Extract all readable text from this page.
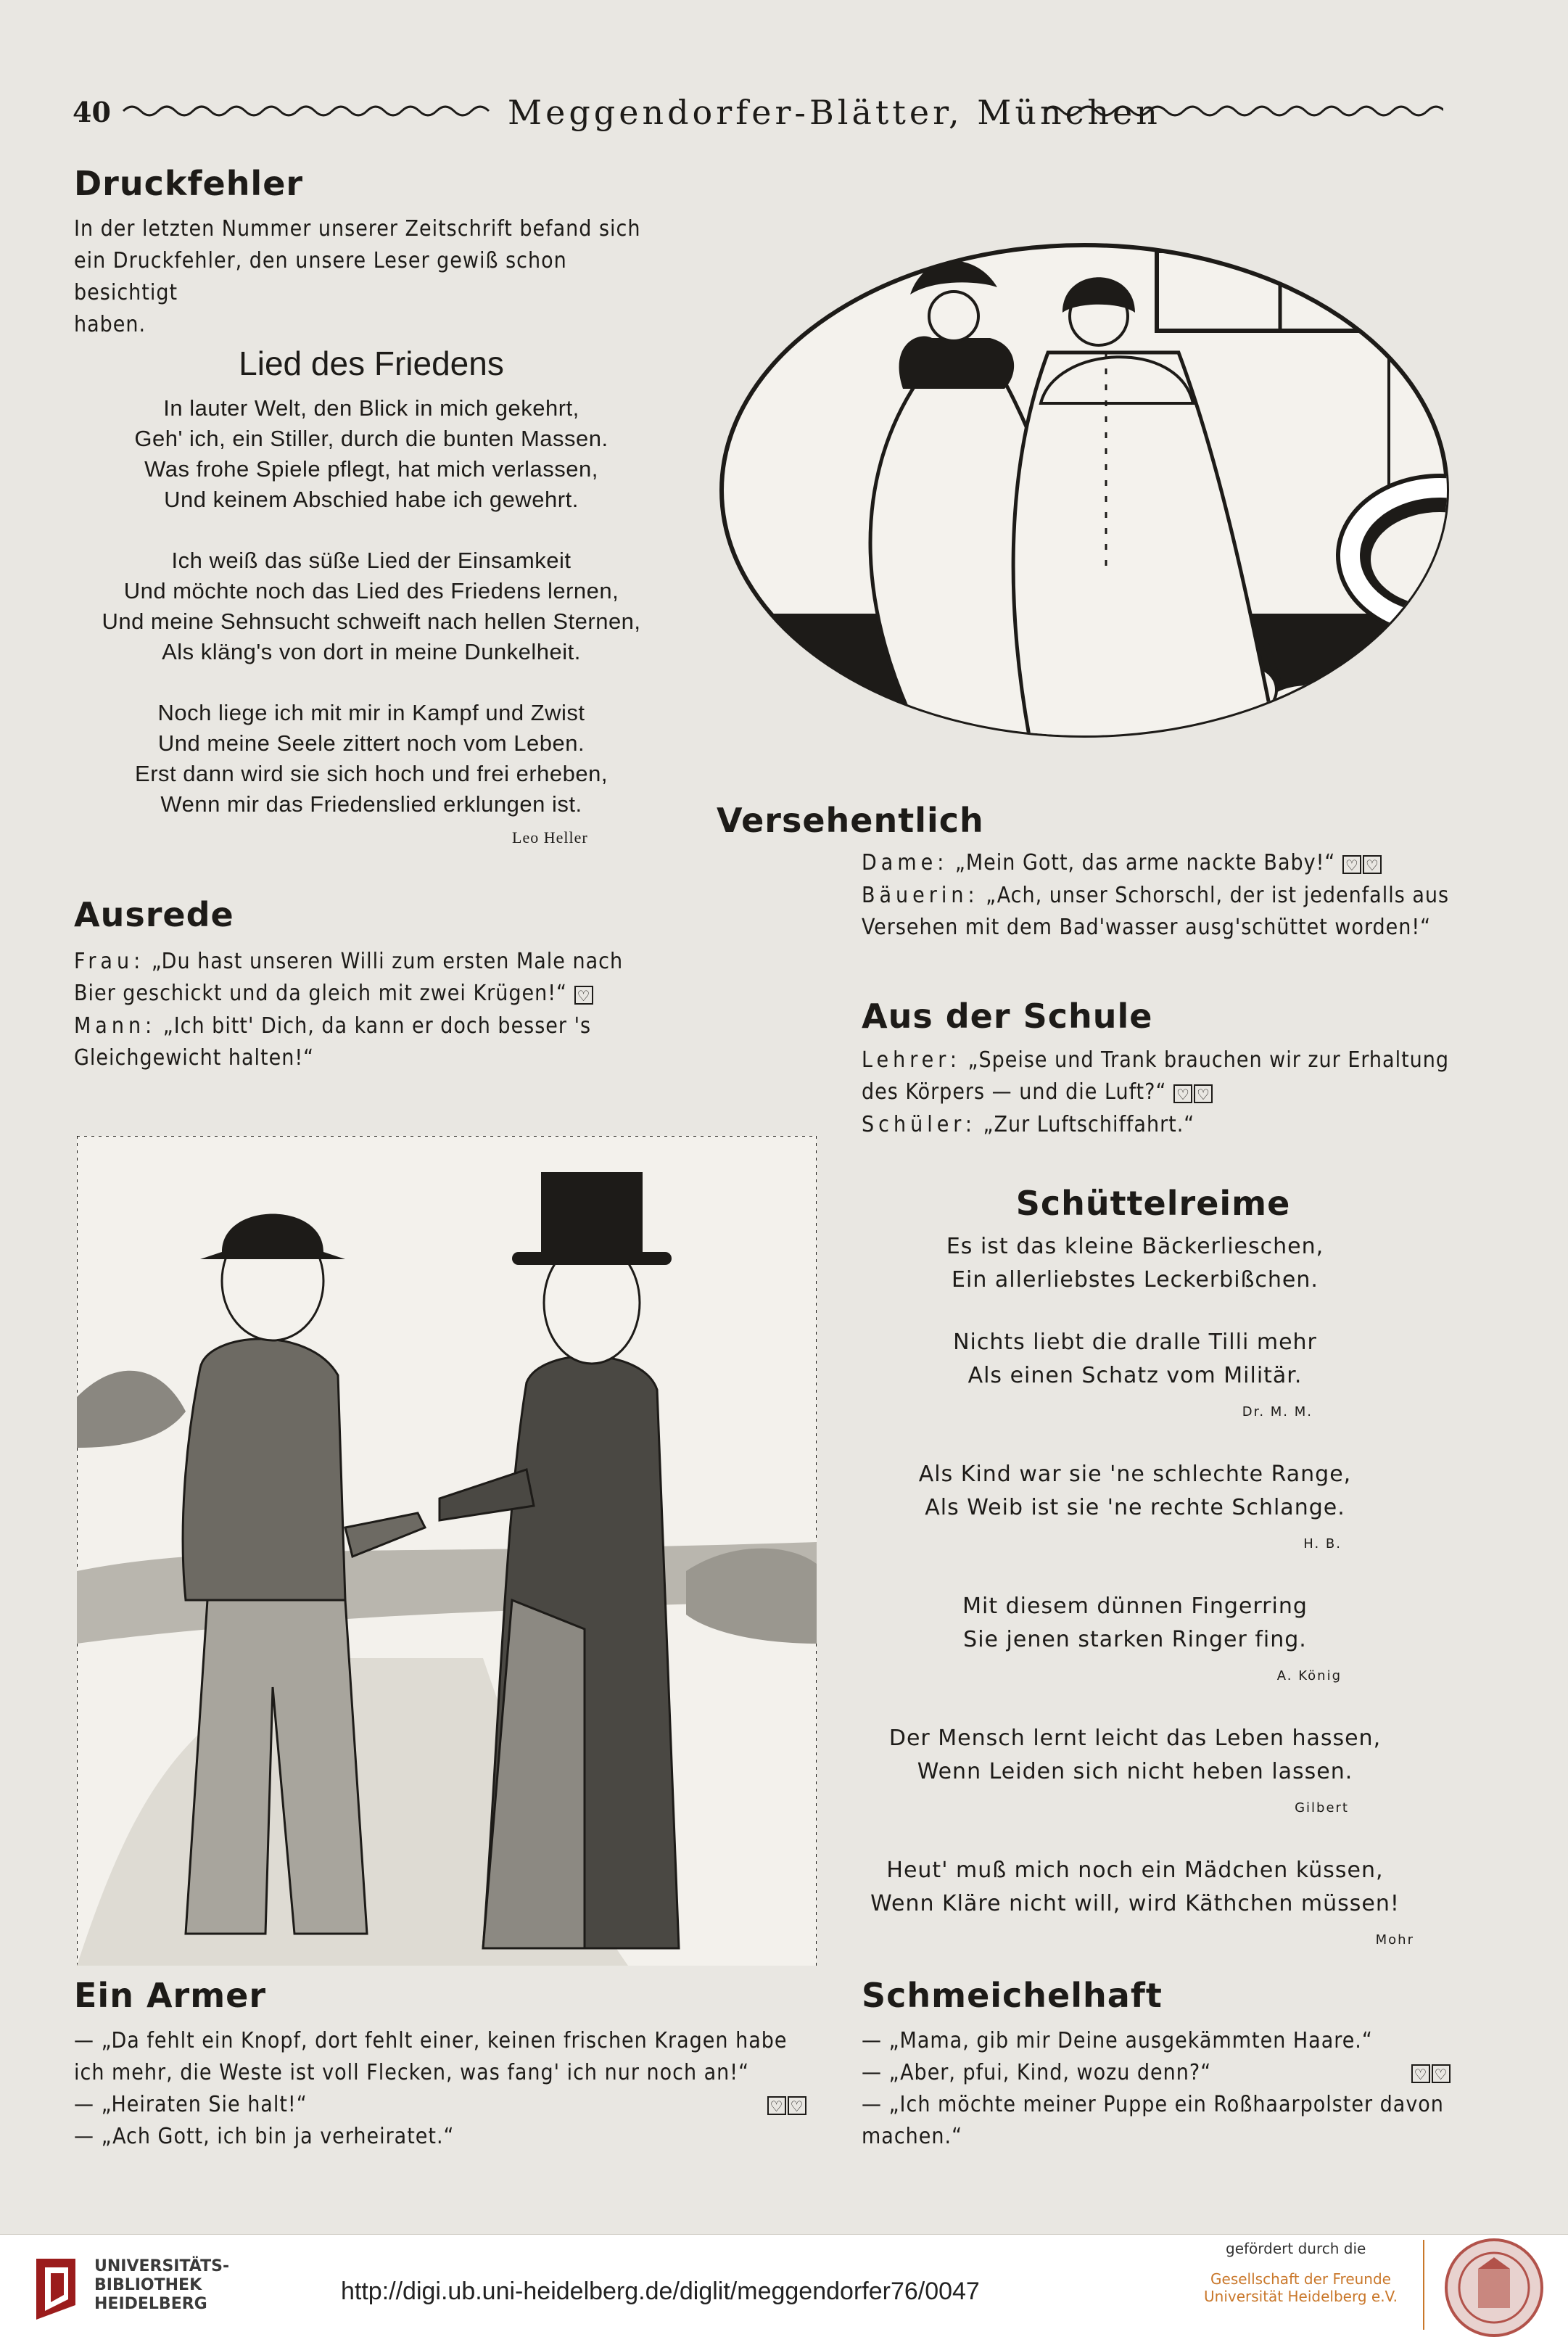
40	Meggendorfer-Blätter, München
Druckfehler
In der letzten Nummer unserer Zeitschrift befand sich
ein Druckfehler, den unsere Leser gewiß schon besichtigt
haben.
Lied des Friedens
In lauter Welt, den Blick in mich gekehrt,
Geh' ich, ein Stiller, durch die bunten Massen.
Was frohe Spiele pflegt, hat mich verlassen,
Und keinem Abschied habe ich gewehrt.
Ich weiß das süße Lied der Einsamkeit
Und möchte noch das Lied des Friedens lernen,
Und meine Sehnsucht schweift nach hellen Sternen,
Als kläng's von dort in meine Dunkelheit.
Noch liege ich mit mir in Kampf und Zwist
Und meine Seele zittert noch vom Leben.
Erst dann wird sie sich hoch und frei erheben,
Wenn mir das Friedenslied erklungen ist.
Leo Heller
Ausrede

Frau: „Du hast unseren Willi zum ersten Male nach Bier geschickt und da gleich mit zwei Krügen!“ ♡

Mann: „Ich bitt' Dich, da kann er doch besser 's Gleichgewicht halten!“

Versehentlich

Dame: „Mein Gott, das arme nackte Baby!“ ♡ ♡

Bäuerin: „Ach, unser Schorschl, der ist jedenfalls aus Versehen mit dem Bad'wasser ausg'schüttet worden!“

Aus der Schule

Lehrer: „Speise und Trank brauchen wir zur Erhaltung des Körpers — und die Luft?“ ♡ ♡

Schüler: „Zur Luftschiffahrt.“

Schüttelreime
Es ist das kleine Bäckerlieschen,
Ein allerliebstes Leckerbißchen.
Nichts liebt die dralle Tilli mehr
Als einen Schatz vom Militär.
Dr. M. M.
Als Kind war sie 'ne schlechte Range,
Als Weib ist sie 'ne rechte Schlange.
H. B.
Mit diesem dünnen Fingerring
Sie jenen starken Ringer fing.
A. König
Der Mensch lernt leicht das Leben hassen,
Wenn Leiden sich nicht heben lassen.
Gilbert
Heut' muß mich noch ein Mädchen küssen,
Wenn Kläre nicht will, wird Käthchen müssen!
Mohr
Ein Armer

— „Da fehlt ein Knopf, dort fehlt einer, keinen frischen Kragen habe ich mehr, die Weste ist voll Flecken, was fang' ich nur noch an!“

— „Heiraten Sie halt!“	♡ ♡

— „Ach Gott, ich bin ja verheiratet.“

Schmeichelhaft

— „Mama, gib mir Deine ausgekämmten Haare.“

— „Aber, pfui, Kind, wozu denn?“	♡ ♡

— „Ich möchte meiner Puppe ein Roßhaarpolster davon machen.“

UNIVERSITÄTS-
BIBLIOTHEK
HEIDELBERG	http://digi.ub.uni-heidelberg.de/diglit/meggendorfer76/0047
gefördert durch die
Gesellschaft der Freunde
Universität Heidelberg e.V.
